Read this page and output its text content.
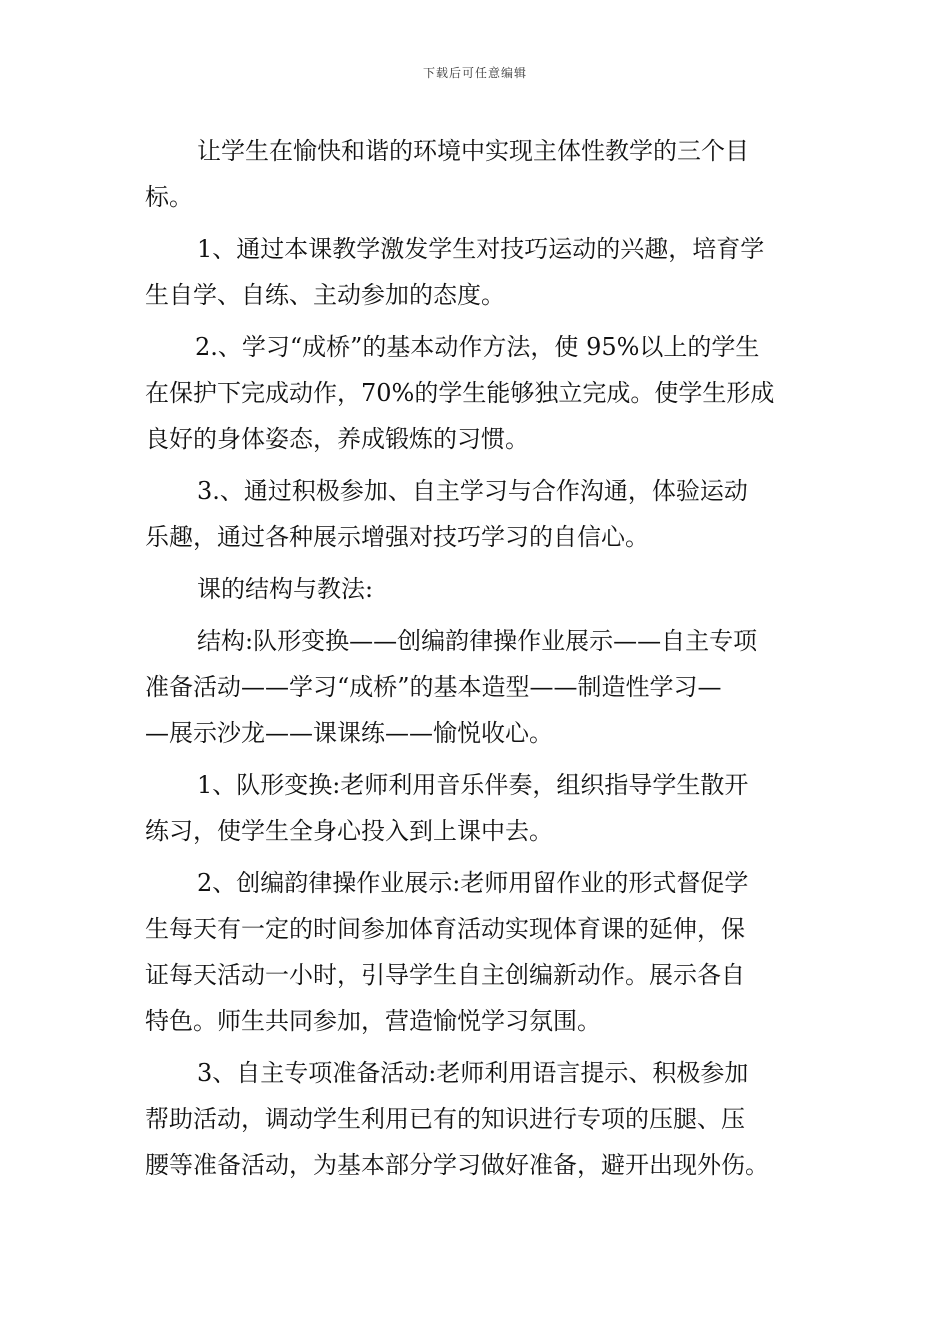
下载后可任意编辑
让学生在愉快和谐的环境中实现主体性教学的三个目
标。
1、通过本课教学激发学生对技巧运动的兴趣，培育学
生自学、自练、主动参加的态度。
2.、学习“成桥”的基本动作方法，使 95%以上的学生
在保护下完成动作，70%的学生能够独立完成。使学生形成
良好的身体姿态，养成锻炼的习惯。
3.、通过积极参加、自主学习与合作沟通，体验运动
乐趣，通过各种展示增强对技巧学习的自信心。
课的结构与教法:
结构:队形变换——创编韵律操作业展示——自主专项
准备活动——学习“成桥”的基本造型——制造性学习—
—展示沙龙——课课练——愉悦收心。
1、队形变换:老师利用音乐伴奏，组织指导学生散开
练习，使学生全身心投入到上课中去。
2、创编韵律操作业展示:老师用留作业的形式督促学
生每天有一定的时间参加体育活动实现体育课的延伸，保
证每天活动一小时，引导学生自主创编新动作。展示各自
特色。师生共同参加，营造愉悦学习氛围。
3、自主专项准备活动:老师利用语言提示、积极参加
帮助活动，调动学生利用已有的知识进行专项的压腿、压
腰等准备活动，为基本部分学习做好准备，避开出现外伤。
